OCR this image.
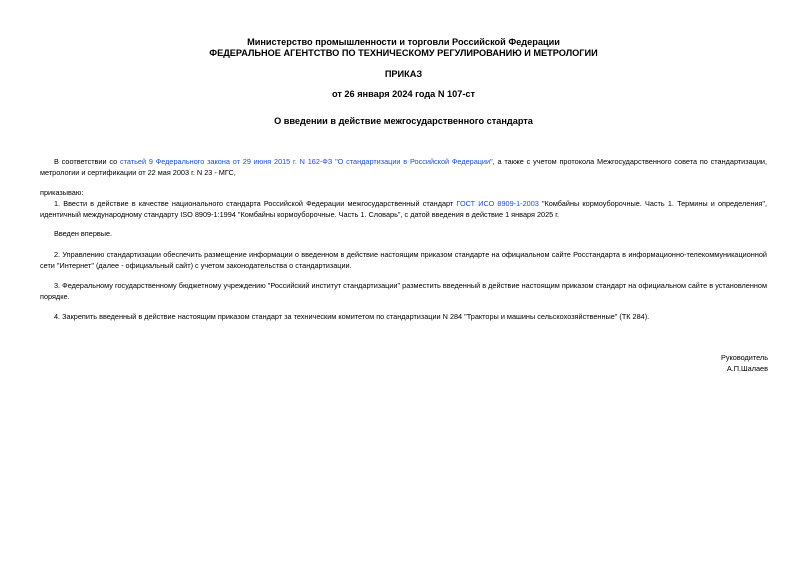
Министерство промышленности и торговли Российской Федерации
ФЕДЕРАЛЬНОЕ АГЕНТСТВО ПО ТЕХНИЧЕСКОМУ РЕГУЛИРОВАНИЮ И МЕТРОЛОГИИ
ПРИКАЗ
от 26 января 2024 года N 107-ст
О введении в действие межгосударственного стандарта
В соответствии со статьей 9 Федерального закона от 29 июня 2015 г. N 162-ФЗ "О стандартизации в Российской Федерации", а также с учетом протокола Межгосударственного совета по стандартизации, метрологии и сертификации от 22 мая 2003 г. N 23 - МГС,
приказываю:
1. Ввести в действие в качестве национального стандарта Российской Федерации межгосударственный стандарт ГОСТ ИСО 8909-1-2003 "Комбайны кормоуборочные. Часть 1. Термины и определения", идентичный международному стандарту ISO 8909-1:1994 "Комбайны кормоуборочные. Часть 1. Словарь", с датой введения в действие 1 января 2025 г.
Введен впервые.
2. Управлению стандартизации обеспечить размещение информации о введенном в действие настоящим приказом стандарте на официальном сайте Росстандарта в информационно-телекоммуникационной сети "Интернет" (далее - официальный сайт) с учетом законодательства о стандартизации.
3. Федеральному государственному бюджетному учреждению "Российский институт стандартизации" разместить введенный в действие настоящим приказом стандарт на официальном сайте в установленном порядке.
4. Закрепить введенный в действие настоящим приказом стандарт за техническим комитетом по стандартизации N 284 "Тракторы и машины сельскохозяйственные" (ТК 284).
Руководитель
А.П.Шалаев
